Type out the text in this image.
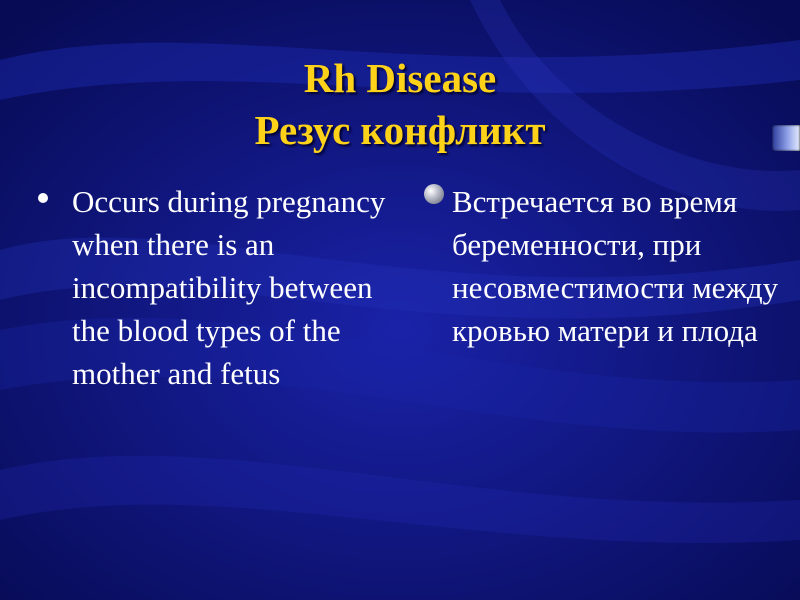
Rh Disease
Резус конфликт
Occurs during pregnancy when there is an incompatibility between the blood types of the mother and fetus
Встречается во время беременности, при несовместимости между кровью матери и плода
